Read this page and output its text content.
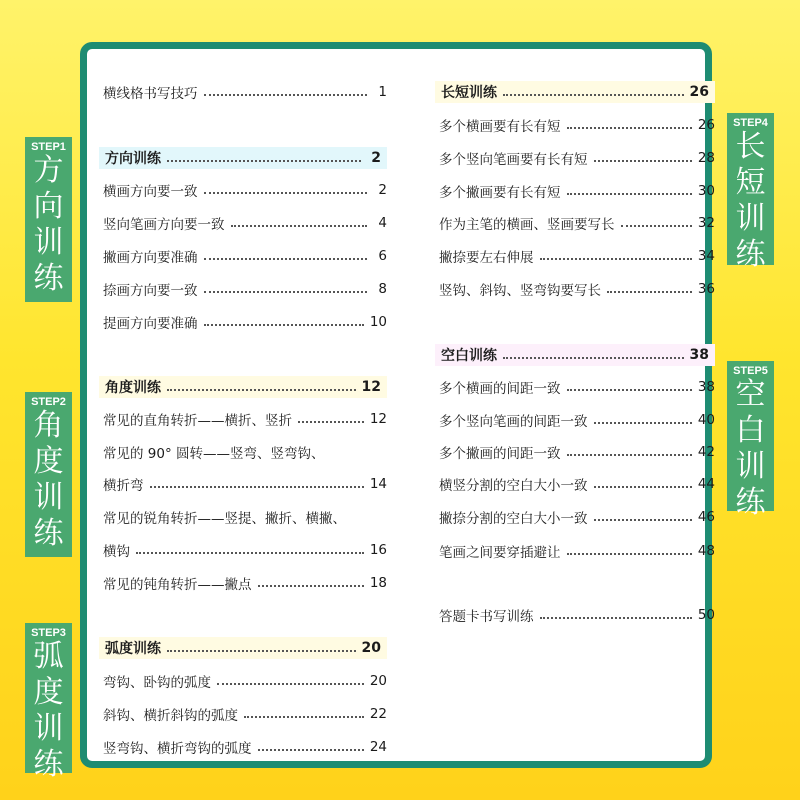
横线格书写技巧	1
方向训练	2
横画方向要一致	2
竖向笔画方向要一致	4
撇画方向要准确	6
捺画方向要一致	8
提画方向要准确	10
角度训练	12
常见的直角转折——横折、竖折	12
常见的 90° 圆转——竖弯、竖弯钩、
横折弯	14
常见的锐角转折——竖提、撇折、横撇、
横钩	16
常见的钝角转折——撇点	18
弧度训练	20
弯钩、卧钩的弧度	20
斜钩、横折斜钩的弧度	22
竖弯钩、横折弯钩的弧度	24
长短训练	26
多个横画要有长有短	26
多个竖向笔画要有长有短	28
多个撇画要有长有短	30
作为主笔的横画、竖画要写长	32
撇捺要左右伸展	34
竖钩、斜钩、竖弯钩要写长	36
空白训练	38
多个横画的间距一致	38
多个竖向笔画的间距一致	40
多个撇画的间距一致	42
横竖分割的空白大小一致	44
撇捺分割的空白大小一致	46
笔画之间要穿插避让	48
答题卡书写训练	50
STEP1
方
向
训
练
STEP2
角
度
训
练
STEP3
弧
度
训
练
STEP4
长
短
训
练
STEP5
空
白
训
练
